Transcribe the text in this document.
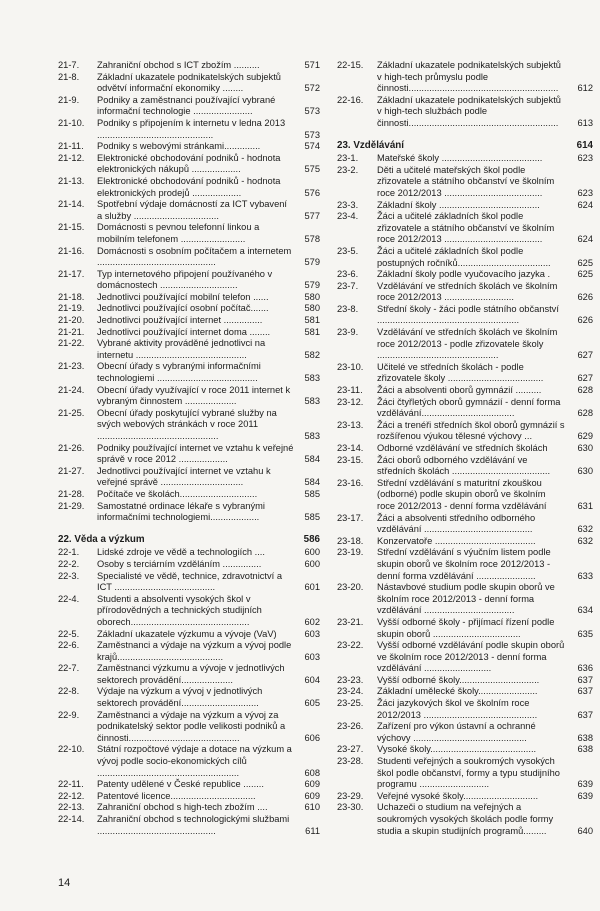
21-7.	Zahraniční obchod s ICT zbožím ..........	571
21-8.	Základní ukazatele podnikatelských subjektů odvětví informační ekonomiky ........	572
21-9.	Podniky a zaměstnanci používající vybrané informační technologie .......................	573
21-10.	Podniky s připojením k internetu v ledna 2013 .............................................	573
21-11.	Podniky s webovými stránkami..............	574
21-12.	Elektronické obchodování podniků - hodnota elektronických nákupů ...................	575
21-13.	Elektronické obchodování podniků - hodnota elektronických prodejů ...................	576
21-14.	Spotřební výdaje domácností za ICT vybavení a služby .................................	577
21-15.	Domácnosti s pevnou telefonní linkou a mobilním telefonem .........................	578
21-16.	Domácnosti s osobním počítačem a internetem ..............................................	579
21-17.	Typ internetového připojení používaného v domácnostech ..............................	579
21-18.	Jednotlivci používající mobilní telefon ......	580
21-19.	Jednotlivci používající osobní počítač.......	580
21-20.	Jednotlivci používající internet ...............	581
21-21.	Jednotlivci používající internet doma ........	581
21-22.	Vybrané aktivity prováděné jednotlivci na internetu ...........................................	582
21-23.	Obecní úřady s vybranými informačními technologiemi .......................................	583
21-24.	Obecní úřady využívající v roce 2011 internet k vybraným činnostem ....................	583
21-25.	Obecní úřady poskytující vybrané služby na svých webových stránkách v roce 2011 ...............................................	583
21-26.	Podniky používající internet ve vztahu k veřejné správě v roce 2012 ...................	584
21-27.	Jednotlivci používající internet ve vztahu k veřejné správě ................................	584
21-28.	Počítače ve školách..............................	585
21-29.	Samostatné ordinace lékaře s vybranými informačními technologiemi...................	585
22. Věda a výzkum	586
22-1.	Lidské zdroje ve vědě a technologiích ....	600
22-2.	Osoby s terciárním vzděláním ...............	600
22-3.	Specialisté ve vědě, technice, zdravotnictví a ICT .......................................	601
22-4.	Studenti a absolventi vysokých škol v přírodovědných a technických studijních oborech..............................................	602
22-5.	Základní ukazatele výzkumu a vývoje (VaV)	603
22-6.	Zaměstnanci a výdaje na výzkum a vývoj podle krajů.........................................	603
22-7.	Zaměstnanci výzkumu a vývoje v jednotlivých sektorech provádění....................	604
22-8.	Výdaje na výzkum a vývoj v jednotlivých sektorech provádění..............................	605
22-9.	Zaměstnanci a výdaje na výzkum a vývoj za podnikatelský sektor podle velikosti podniků a činnosti...........................................	606
22-10.	Státní rozpočtové výdaje a dotace na výzkum a vývoj podle socio-ekonomických cílů .......................................................	608
22-11.	Patenty udělené v České republice ........	609
22-12.	Patentové licence.................................	609
22-13.	Zahraniční obchod s high-tech zbožím ....	610
22-14.	Zahraniční obchod s technologickými službami ..............................................	611
22-15.	Základní ukazatele podnikatelských subjektů v high-tech průmyslu podle činnosti..........................................................	612
22-16.	Základní ukazatele podnikatelských subjektů v high-tech službách podle činnosti..........................................................	613
23. Vzdělávání	614
23-1.	Mateřské školy .......................................	623
23-2.	Děti a učitelé mateřských škol podle zřizovatele a státního občanství ve školním roce 2012/2013 ......................................	623
23-3.	Základní školy .......................................	624
23-4.	Žáci a učitelé základních škol podle zřizovatele a státního občanství ve školním roce 2012/2013 ......................................	624
23-5.	Žáci a učitelé základních škol podle postupných ročníků....................................	625
23-6.	Základní školy podle vyučovacího jazyka .	625
23-7.	Vzdělávání ve středních školách ve školním roce 2012/2013 ...........................	626
23-8.	Střední školy - žáci podle státního občanství .......................................................	626
23-9.	Vzdělávání ve středních školách ve školním roce 2012/2013 - podle zřizovatele školy ...............................................	627
23-10.	Učitelé ve středních školách - podle zřizovatele školy .....................................	627
23-11.	Žáci a absolventi oborů gymnázií ..........	628
23-12.	Žáci čtyřletých oborů gymnázií - denní forma vzdělávání....................................	628
23-13.	Žáci a trenéři středních škol oborů gymnázií s rozšířenou výukou tělesné výchovy ...	629
23-14.	Odborné vzdělávání ve středních školách	630
23-15.	Žáci oborů odborného vzdělávání ve středních školách ......................................	630
23-16.	Střední vzdělávání s maturitní zkouškou (odborné) podle skupin oborů ve školním roce 2012/2013 - denní forma vzdělávání	631
23-17.	Žáci a absolventi středního odborného vzdělávání ..........................................	632
23-18.	Konzervatoře .......................................	632
23-19.	Střední vzdělávání s výučním listem podle skupin oborů ve školním roce 2012/2013 - denní forma vzdělávání .......................	633
23-20.	Nástavbové studium podle skupin oborů ve školním roce 2012/2013 - denní forma vzdělávání ...................................	634
23-21.	Vyšší odborné školy - přijímací řízení podle skupin oborů ..................................	635
23-22.	Vyšší odborné vzdělávání podle skupin oborů ve školním roce 2012/2013 - denní forma vzdělávání ..........................	636
23-23.	Vyšší odborné školy...............................	637
23-24.	Základní umělecké školy.......................	637
23-25.	Žáci jazykových škol ve školním roce 2012/2013 ............................................	637
23-26.	Zařízení pro výkon ústavní a ochranné výchovy ............................................	638
23-27.	Vysoké školy.........................................	638
23-28.	Studenti veřejných a soukromých vysokých škol podle občanství, formy a typu studijního programu ...........................	639
23-29.	Veřejné vysoké školy.............................	639
23-30.	Uchazeči o studium na veřejných a soukromých vysokých školách podle formy studia a skupin studijních programů.........	640
14
